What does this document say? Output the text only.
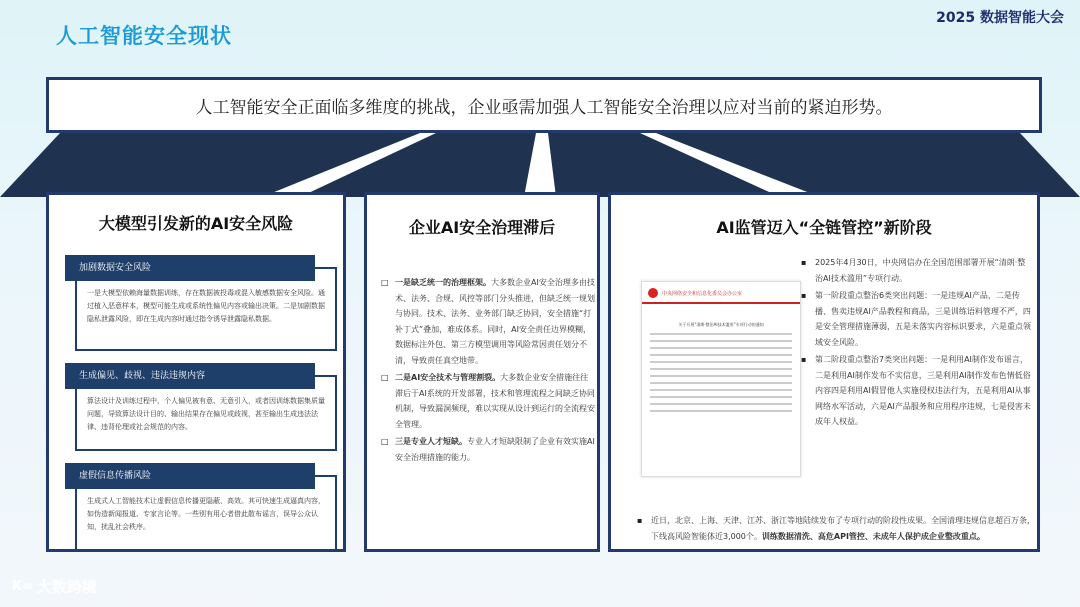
人工智能安全现状
2025 数据智能大会
人工智能安全正面临多维度的挑战，企业亟需加强人工智能安全治理以应对当前的紧迫形势。
大模型引发新的AI安全风险
加剧数据安全风险
一是大模型依赖海量数据训练，存在数据被投毒或混入敏感数据安全风险。通过植入恶意样本，模型可能生成或系统性偏见内容或输出决策。二是加剧数据隐私泄露风险，即在生成内容时通过指令诱导泄露隐私数据。
生成偏见、歧视、违法违规内容
算法设计及训练过程中，个人偏见被有意、无意引入，或者因训练数据集质量问题，导致算法设计目的、输出结果存在偏见或歧视，甚至输出生成违法法律、违背伦理或社会规范的内容。
虚假信息传播风险
生成式人工智能技术让虚假信息传播更隐蔽、高效。其可快速生成逼真内容，如伪造新闻报道、专家言论等。一些别有用心者借此散布谣言，误导公众认知，扰乱社会秩序。
企业AI安全治理滞后
□ 一是缺乏统一的治理框架。大多数企业AI安全治理多由技术、法务、合规、风控等部门分头推进，但缺乏统一规划与协同。技术、法务、业务部门缺乏协同，安全措施“打补丁式”叠加，难成体系。同时，AI安全责任边界模糊，数据标注外包、第三方模型调用等风险常因责任划分不清，导致责任真空地带。
□ 二是AI安全技术与管理割裂。大多数企业安全措施往往滞后于AI系统的开发部署，技术和管理流程之间缺乏协同机制，导致漏洞频现，难以实现从设计到运行的全流程安全管理。
□ 三是专业人才短缺。专业人才短缺限制了企业有效实施AI安全治理措施的能力。
AI监管迈入“全链管控”新阶段
中央网络安全和信息化委员会办公室
关于开展“清朗·整治AI技术滥用”专项行动的通知
▪	2025年4月30日，中央网信办在全国范围部署开展“清朗·整治AI技术滥用”专项行动。
▪	第一阶段重点整治6类突出问题：一是违规AI产品，二是传播、售卖违规AI产品教程和商品，三是训练语料管理不严，四是安全管理措施薄弱，五是未落实内容标识要求，六是重点领域安全风险。
▪	第二阶段重点整治7类突出问题：一是利用AI制作发布谣言，二是利用AI制作发布不实信息，三是利用AI制作发布色情低俗内容四是利用AI假冒他人实施侵权违法行为，五是利用AI从事网络水军活动，六是AI产品服务和应用程序违规，七是侵害未成年人权益。
▪	近日，北京、上海、天津、江苏、浙江等地陆续发布了专项行动的阶段性成果。全国清理违规信息超百万条，下线高风险智能体近3,000个。训练数据清洗、高危API管控、未成年人保护成企业整改重点。
K∞ 大数跨境
